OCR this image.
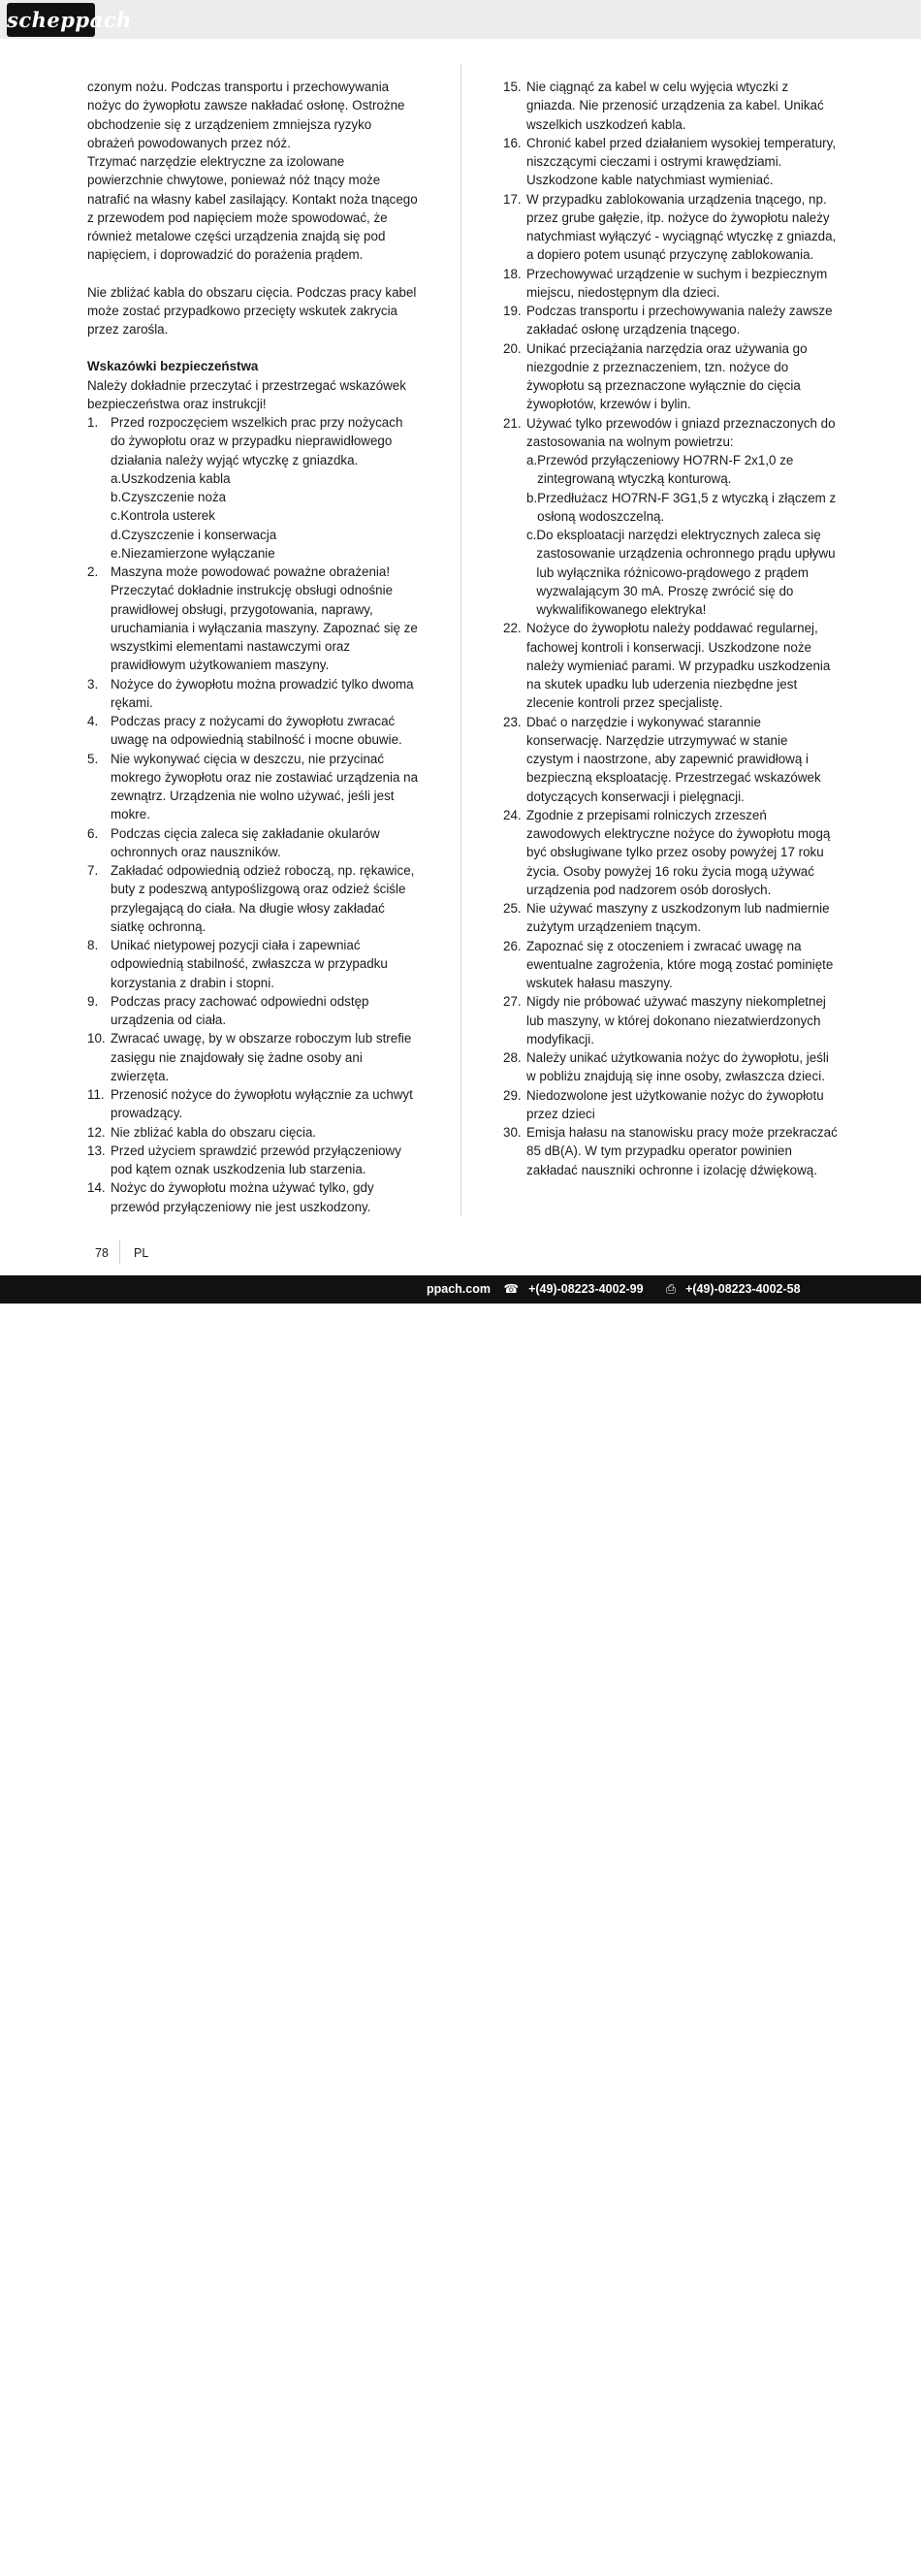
scheppach

czonym nożu. Podczas transportu i przechowywania nożyc do żywopłotu zawsze nakładać osłonę. Ostrożne obchodzenie się z urządzeniem zmniejsza ryzyko obrażeń powodowanych przez nóż.

Trzymać narzędzie elektryczne za izolowane powierzchnie chwytowe, ponieważ nóż tnący może natrafić na własny kabel zasilający. Kontakt noża tnącego z przewodem pod napięciem może spowodować, że również metalowe części urządzenia znajdą się pod napięciem, i doprowadzić do porażenia prądem.

Nie zbliżać kabla do obszaru cięcia. Podczas pracy kabel może zostać przypadkowo przecięty wskutek zakrycia przez zarośla.

Wskazówki bezpieczeństwa

Należy dokładnie przeczytać i przestrzegać wskazówek bezpieczeństwa oraz instrukcji!

1. Przed rozpoczęciem wszelkich prac przy nożycach do żywopłotu oraz w przypadku nieprawidłowego działania należy wyjąć wtyczkę z gniazdka.
a. Uszkodzenia kabla
b. Czyszczenie noża
c. Kontrola usterek
d. Czyszczenie i konserwacja
e. Niezamierzone wyłączanie
2. Maszyna może powodować poważne obrażenia! Przeczytać dokładnie instrukcję obsługi odnośnie prawidłowej obsługi, przygotowania, naprawy, uruchamiania i wyłączania maszyny. Zapoznać się ze wszystkimi elementami nastawczymi oraz prawidłowym użytkowaniem maszyny.
3. Nożyce do żywopłotu można prowadzić tylko dwoma rękami.
4. Podczas pracy z nożycami do żywopłotu zwracać uwagę na odpowiednią stabilność i mocne obuwie.
5. Nie wykonywać cięcia w deszczu, nie przycinać mokrego żywopłotu oraz nie zostawiać urządzenia na zewnątrz. Urządzenia nie wolno używać, jeśli jest mokre.
6. Podczas cięcia zaleca się zakładanie okularów ochronnych oraz nauszników.
7. Zakładać odpowiednią odzież roboczą, np. rękawice, buty z podeszwą antypoślizgową oraz odzież ściśle przylegającą do ciała. Na długie włosy zakładać siatkę ochronną.
8. Unikać nietypowej pozycji ciała i zapewniać odpowiednią stabilność, zwłaszcza w przypadku korzystania z drabin i stopni.
9. Podczas pracy zachować odpowiedni odstęp urządzenia od ciała.
10. Zwracać uwagę, by w obszarze roboczym lub strefie zasięgu nie znajdowały się żadne osoby ani zwierzęta.
11. Przenosić nożyce do żywopłotu wyłącznie za uchwyt prowadzący.
12. Nie zbliżać kabla do obszaru cięcia.
13. Przed użyciem sprawdzić przewód przyłączeniowy pod kątem oznak uszkodzenia lub starzenia.
14. Nożyc do żywopłotu można używać tylko, gdy przewód przyłączeniowy nie jest uszkodzony.
15. Nie ciągnąć za kabel w celu wyjęcia wtyczki z gniazda. Nie przenosić urządzenia za kabel. Unikać wszelkich uszkodzeń kabla.
16. Chronić kabel przed działaniem wysokiej temperatury, niszczącymi cieczami i ostrymi krawędziami. Uszkodzone kable natychmiast wymieniać.
17. W przypadku zablokowania urządzenia tnącego, np. przez grube gałęzie, itp. nożyce do żywopłotu należy natychmiast wyłączyć - wyciągnąć wtyczkę z gniazda, a dopiero potem usunąć przyczynę zablokowania.
18. Przechowywać urządzenie w suchym i bezpiecznym miejscu, niedostępnym dla dzieci.
19. Podczas transportu i przechowywania należy zawsze zakładać osłonę urządzenia tnącego.
20. Unikać przeciążania narzędzia oraz używania go niezgodnie z przeznaczeniem, tzn. nożyce do żywopłotu są przeznaczone wyłącznie do cięcia żywopłotów, krzewów i bylin.
21. Używać tylko przewodów i gniazd przeznaczonych do zastosowania na wolnym powietrzu:
a. Przewód przyłączeniowy HO7RN-F 2x1,0 ze zintegrowaną wtyczką konturową.
b. Przedłużacz HO7RN-F 3G1,5 z wtyczką i złączem z osłoną wodoszczelną.
c. Do eksploatacji narzędzi elektrycznych zaleca się zastosowanie urządzenia ochronnego prądu upływu lub wyłącznika różnicowo-prądowego z prądem wyzwalającym 30 mA. Proszę zwrócić się do wykwalifikowanego elektryka!
22. Nożyce do żywopłotu należy poddawać regularnej, fachowej kontroli i konserwacji. Uszkodzone noże należy wymieniać parami. W przypadku uszkodzenia na skutek upadku lub uderzenia niezbędne jest zlecenie kontroli przez specjalistę.
23. Dbać o narzędzie i wykonywać starannie konserwację. Narzędzie utrzymywać w stanie czystym i naostrzone, aby zapewnić prawidłową i bezpieczną eksploatację. Przestrzegać wskazówek dotyczących konserwacji i pielęgnacji.
24. Zgodnie z przepisami rolniczych zrzeszeń zawodowych elektryczne nożyce do żywopłotu mogą być obsługiwane tylko przez osoby powyżej 17 roku życia. Osoby powyżej 16 roku życia mogą używać urządzenia pod nadzorem osób dorosłych.
25. Nie używać maszyny z uszkodzonym lub nadmiernie zużytym urządzeniem tnącym.
26. Zapoznać się z otoczeniem i zwracać uwagę na ewentualne zagrożenia, które mogą zostać pominięte wskutek hałasu maszyny.
27. Nigdy nie próbować używać maszyny niekompletnej lub maszyny, w której dokonano niezatwierdzonych modyfikacji.
28. Należy unikać użytkowania nożyc do żywopłotu, jeśli w pobliżu znajdują się inne osoby, zwłaszcza dzieci.
29. Niedozwolone jest użytkowanie nożyc do żywopłotu przez dzieci
30. Emisja hałasu na stanowisku pracy może przekraczać 85 dB(A). W tym przypadku operator powinien zakładać nauszniki ochronne i izolację dźwiękową.
78 PL
ppach.com ☎ +(49)-08223-4002-99 ⎙ +(49)-08223-4002-58
